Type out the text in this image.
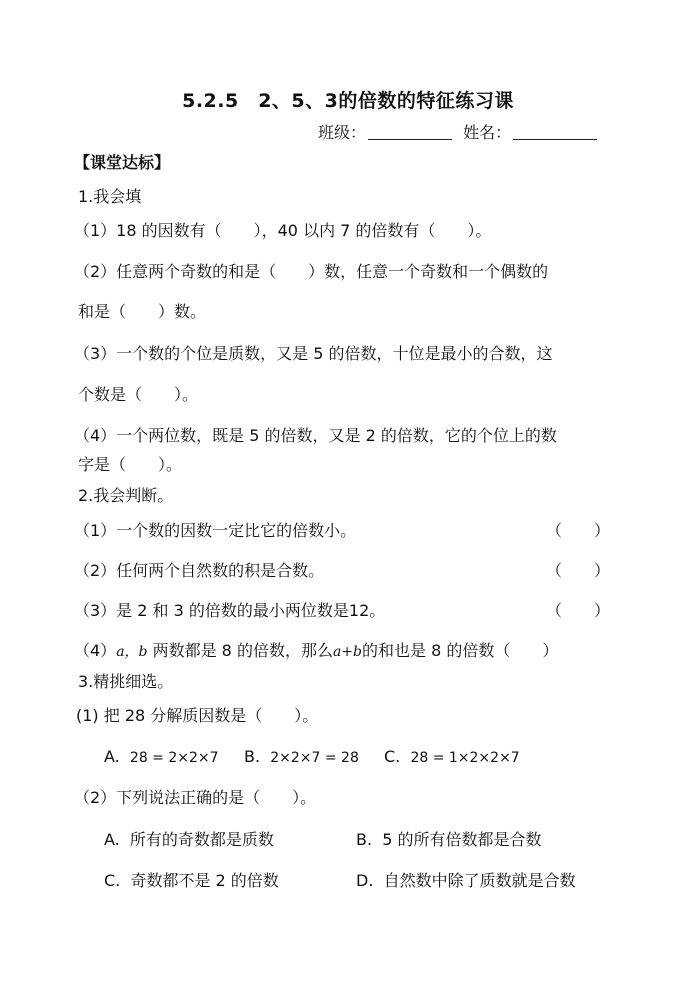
5.2.5　2、5、3的倍数的特征练习课
班级：	姓名：
【课堂达标】
1.我会填
（1）18 的因数有（　　），40 以内 7 的倍数有（　　）。
（2）任意两个奇数的和是（　　）数，任意一个奇数和一个偶数的
和是（　　）数。
（3）一个数的个位是质数，又是 5 的倍数，十位是最小的合数，这
个数是（　　）。
（4）一个两位数，既是 5 的倍数，又是 2 的倍数，它的个位上的数
字是（　　）。
2.我会判断。
（1）一个数的因数一定比它的倍数小。	（　　）
（2）任何两个自然数的积是合数。	（　　）
（3）是 2 和 3 的倍数的最小两位数是12。	（　　）
（4）a，b 两数都是 8 的倍数，那么a+b的和也是 8 的倍数（　　）
3.精挑细选。
(1) 把 28 分解质因数是（　　）。
A. 28 = 2×2×7 B. 2×2×7 = 28 C. 28 = 1×2×2×7
（2）下列说法正确的是（　　）。
A. 所有的奇数都是质数	B. 5 的所有倍数都是合数
C. 奇数都不是 2 的倍数	D. 自然数中除了质数就是合数
